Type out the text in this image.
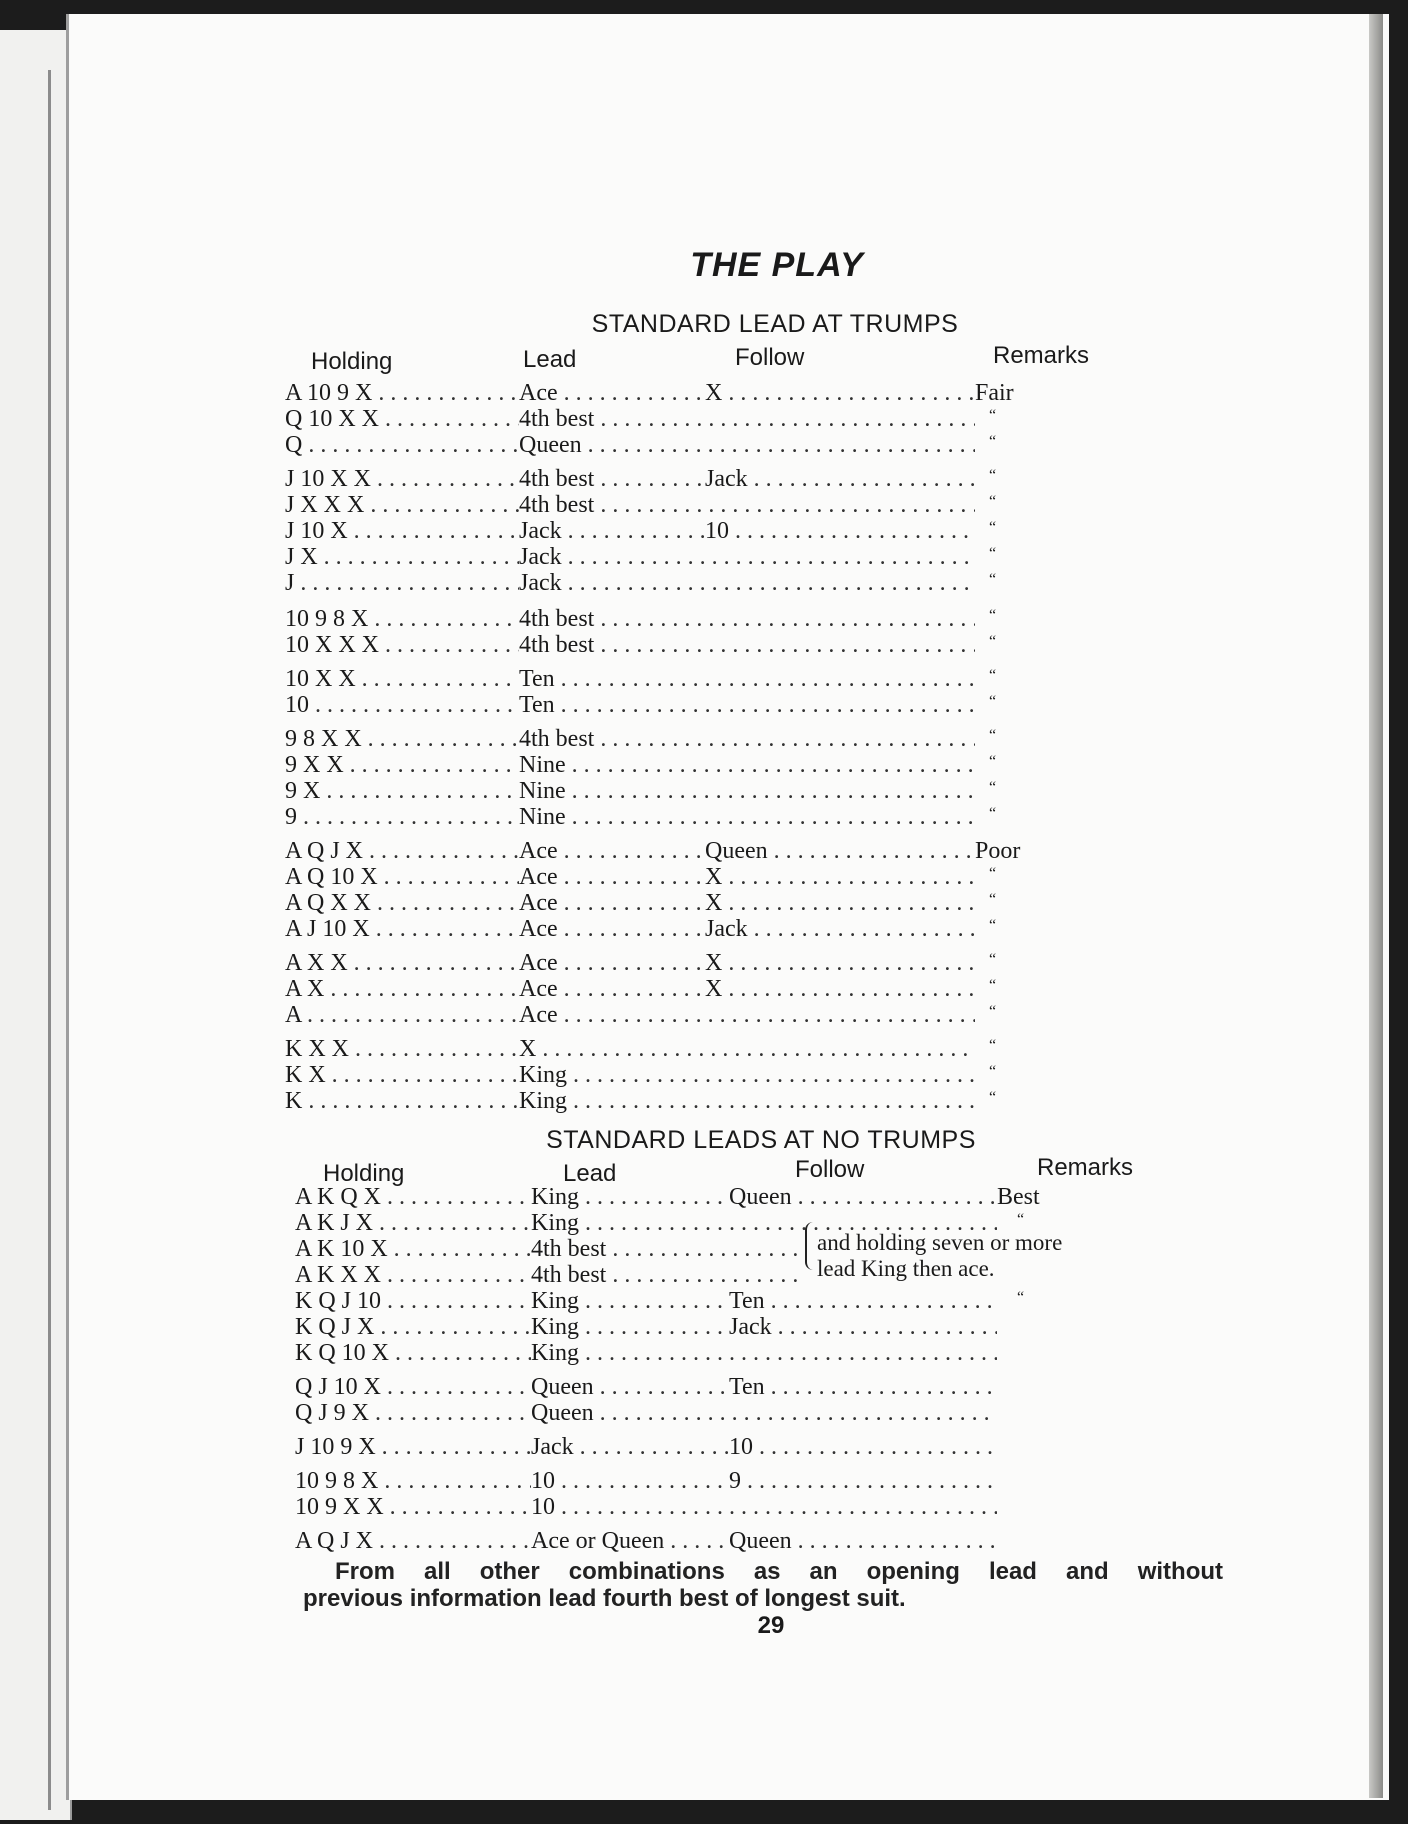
THE PLAY
STANDARD LEAD AT TRUMPS
Holding	Lead	Follow	Remarks
A 10 9 X . . .	Ace . . .	X . . .	Fair
Q 10 X X . . .	4th best . . .	“
Q . . .	Queen . . .	“
J 10 X X . . .	4th best . . .	Jack . . .	“
J X X X . . .	4th best . . .	“
J 10 X . . .	Jack . . .	10 . . .	“
J X . . .	Jack . . .	“
J . . .	Jack . . .	“
10 9 8 X . . .	4th best . . .	“
10 X X X . . .	4th best . . .	“
10 X X . . .	Ten . . .	“
10 . . .	Ten . . .	“
9 8 X X . . .	4th best . . .	“
9 X X . . .	Nine . . .	“
9 X . . .	Nine . . .	“
9 . . .	Nine . . .	“
A Q J X . . .	Ace . . .	Queen . . .	Poor
A Q 10 X . . .	Ace . . .	X . . .	“
A Q X X . . .	Ace . . .	X . . .	“
A J 10 X . . .	Ace . . .	Jack . . .	“
A X X . . .	Ace . . .	X . . .	“
A X . . .	Ace . . .	X . . .	“
A . . .	Ace . . .	“
K X X . . .	X . . .	“
K X . . .	King . . .	“
K . . .	King . . .	“
STANDARD LEADS AT NO TRUMPS
Holding	Lead	Follow	Remarks
A K Q X . . .	King . . .	Queen . . .	Best
A K J X . . .	King . . .	“
A K 10 X . . .	4th best . . .
A K X X . . .	4th best . . .
K Q J 10 . . .	King . . .	Ten . . .	“
K Q J X . . .	King . . .	Jack . . .
K Q 10 X . . .	King . . .
Q J 10 X . . .	Queen . . .	Ten . . .
Q J 9 X . . .	Queen . . .
J 10 9 X . . .	Jack . . .	10 . . .
10 9 8 X . . .	10 . . .	9 . . .
10 9 X X . . .	10 . . .
A Q J X . . .	Ace or Queen . . .	Queen . . .
and holding seven or more
lead King then ace.
From all other combinations as an opening lead and without
previous information lead fourth best of longest suit.
29
